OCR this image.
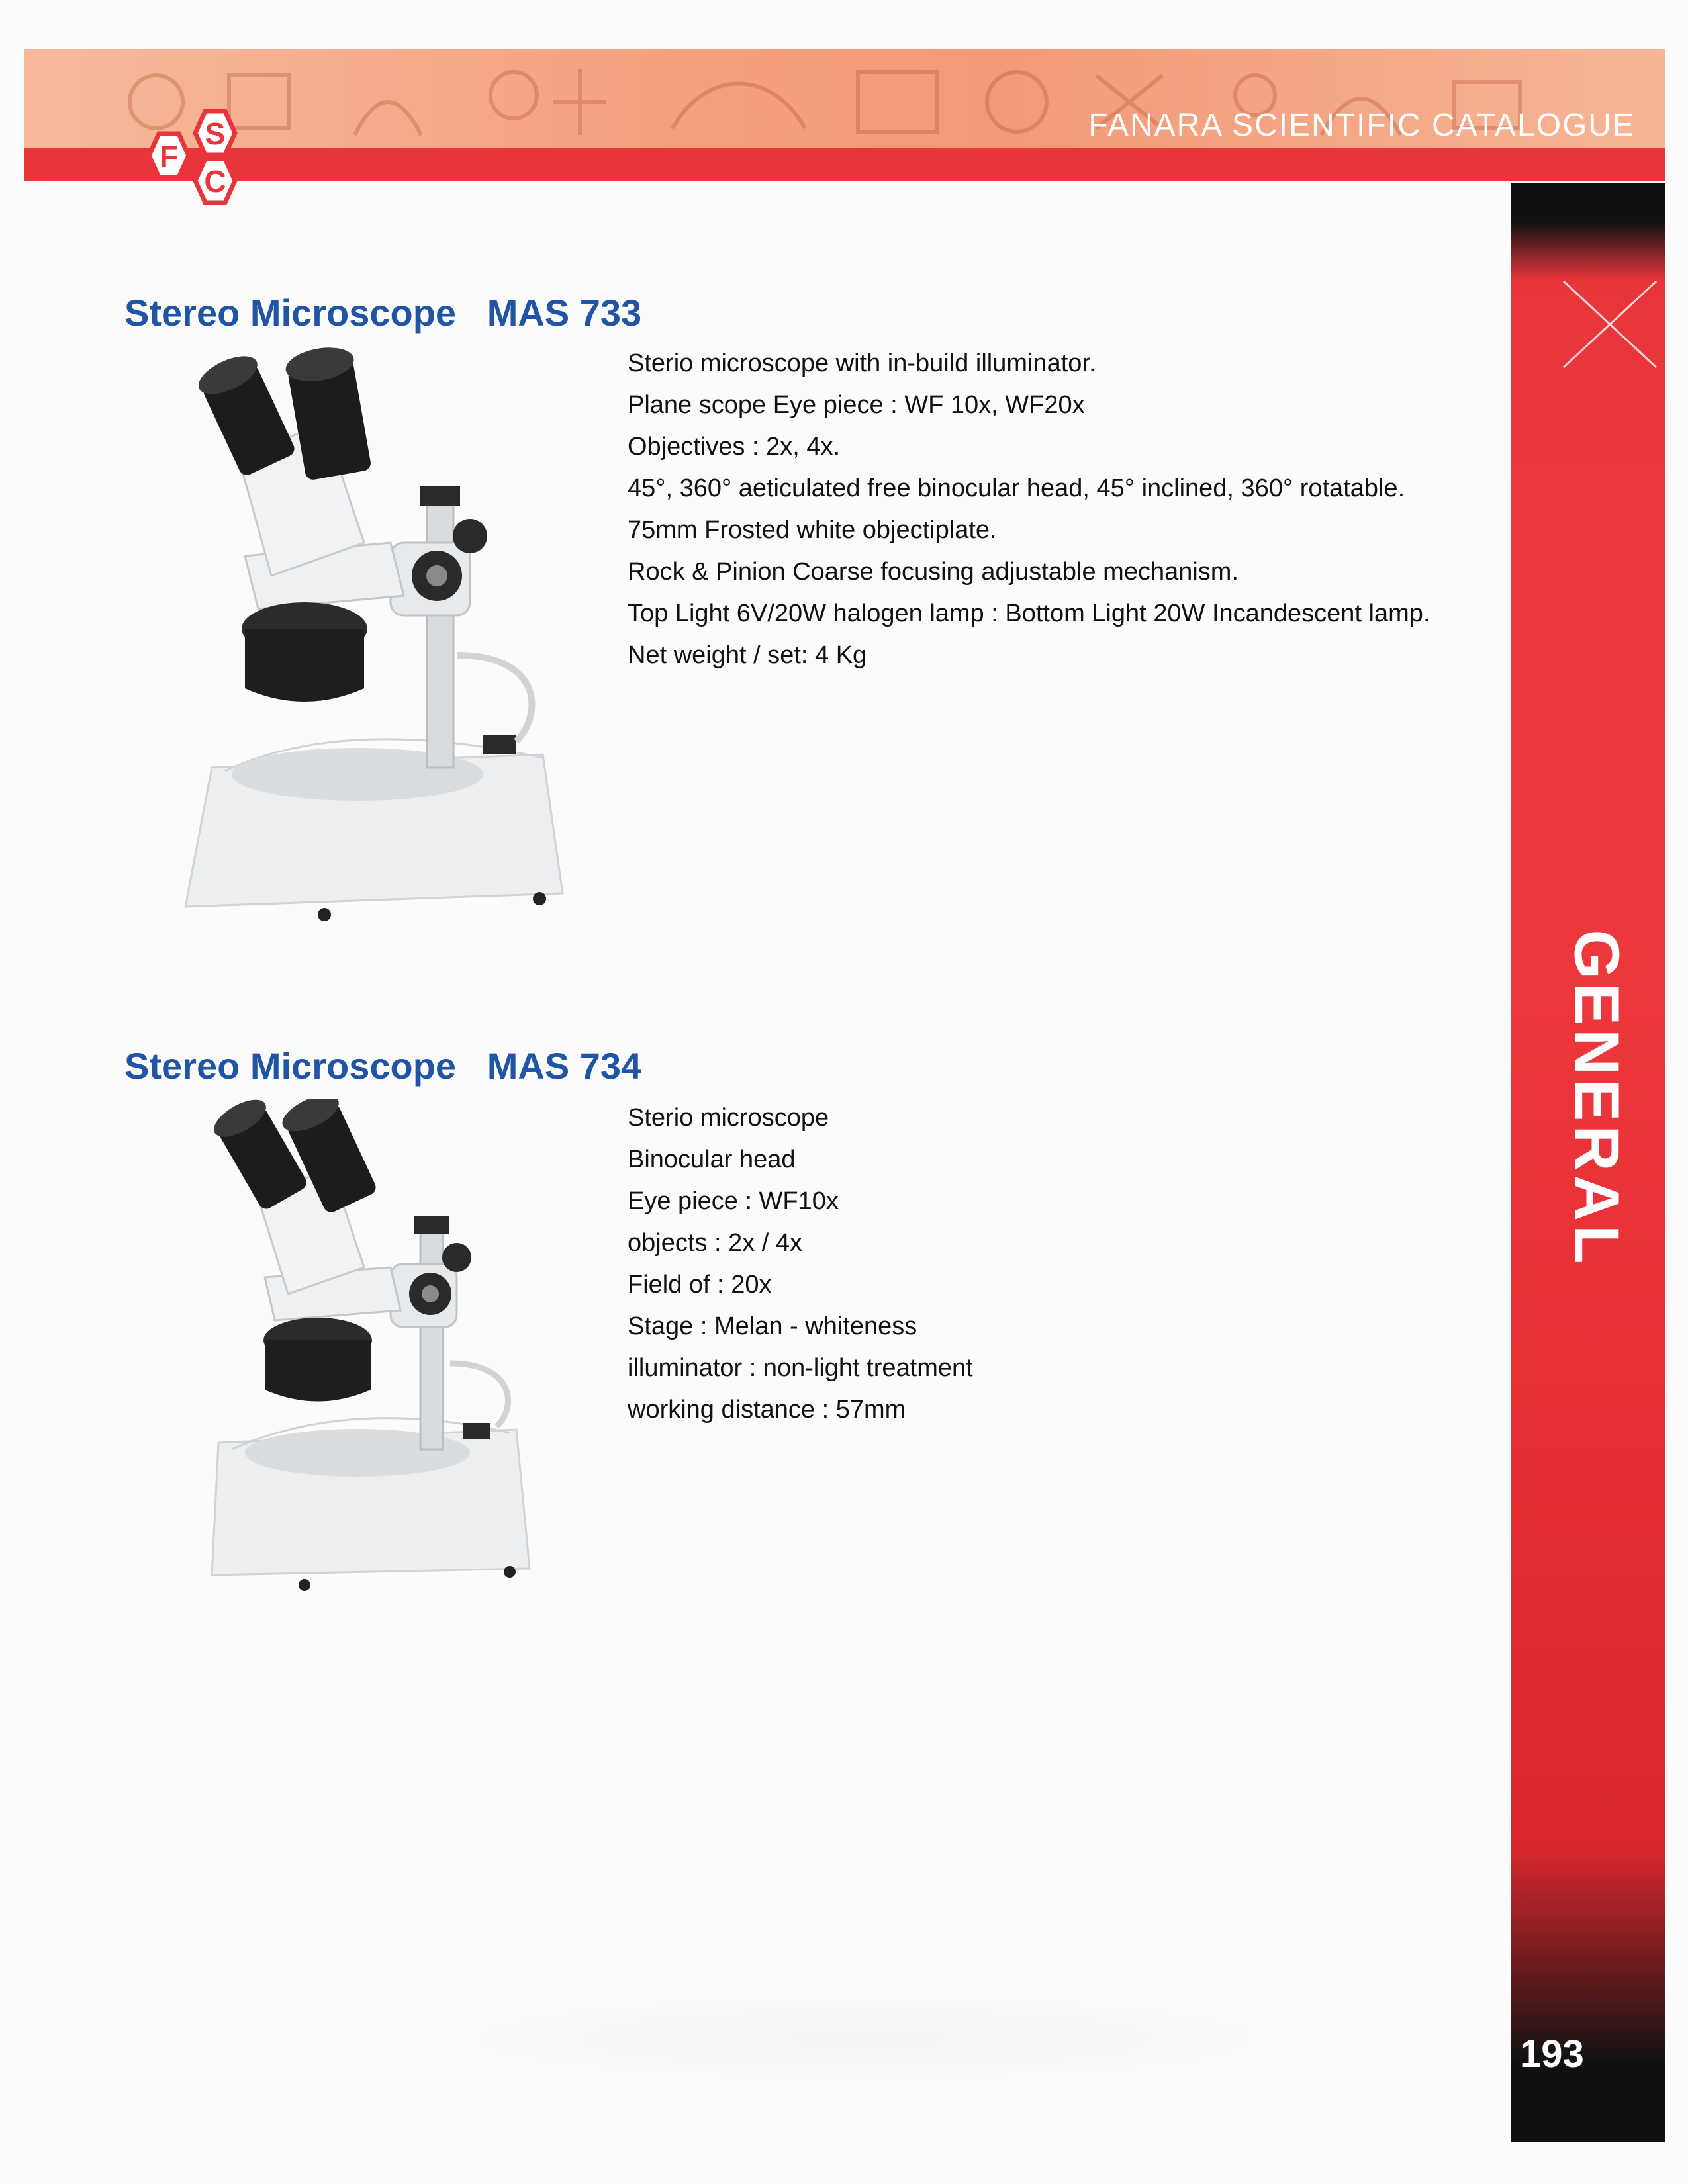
FANARA SCIENTIFIC CATALOGUE
F
S
C
GENERAL
193
Stereo Microscope   MAS 733
Sterio microscope with in-build illuminator.
Plane scope Eye piece : WF 10x, WF20x
Objectives : 2x, 4x.
45°, 360° aeticulated free binocular head, 45° inclined, 360° rotatable.
75mm Frosted white objectiplate.
Rock & Pinion Coarse focusing adjustable mechanism.
Top Light 6V/20W halogen lamp : Bottom Light 20W Incandescent lamp.
Net weight / set: 4 Kg
Stereo Microscope   MAS 734
Sterio microscope
Binocular head
Eye piece : WF10x
objects : 2x / 4x
Field of : 20x
Stage : Melan - whiteness
illuminator : non-light treatment
working distance : 57mm
